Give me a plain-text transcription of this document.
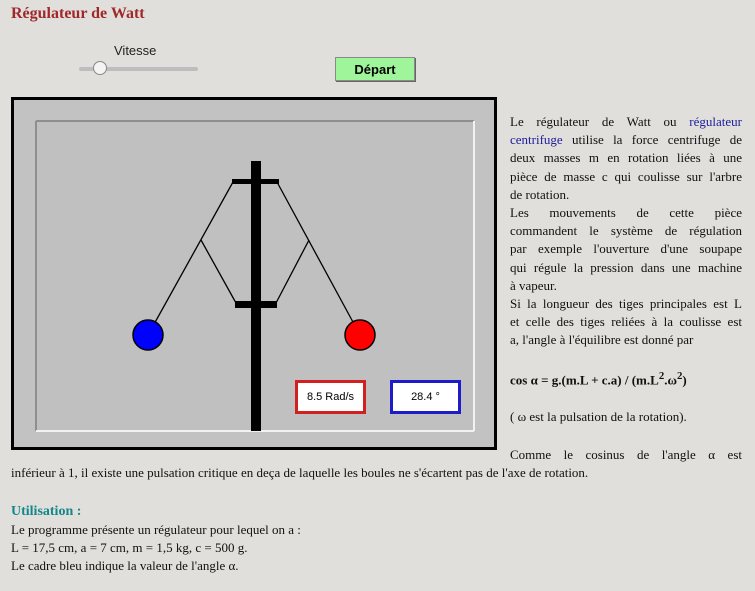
Régulateur de Watt
Vitesse
Départ
8.5 Rad/s	28.4 °
Le régulateur de Watt ou régulateur
centrifuge utilise la force centrifuge de
deux masses m en rotation liées à une
pièce de masse c qui coulisse sur l'arbre
de rotation.
Les mouvements de cette pièce
commandent le système de régulation
par exemple l'ouverture d'une soupape
qui régule la pression dans une machine
à vapeur.
Si la longueur des tiges principales est L
et celle des tiges reliées à la coulisse est
a, l'angle à l'équilibre est donné par
$\cos \alpha = g.(m.L + c.a) / (m.L^2.\omega^2)$
( ω est la pulsation de la rotation).
Comme le cosinus de l'angle α est
inférieur à 1, il existe une pulsation critique en deça de laquelle les boules ne s'écartent pas de l'axe de rotation.
Utilisation :
Le programme présente un régulateur pour lequel on a :
L = 17,5 cm, a = 7 cm, m = 1,5 kg, c = 500 g.
Le cadre bleu indique la valeur de l'angle α.
